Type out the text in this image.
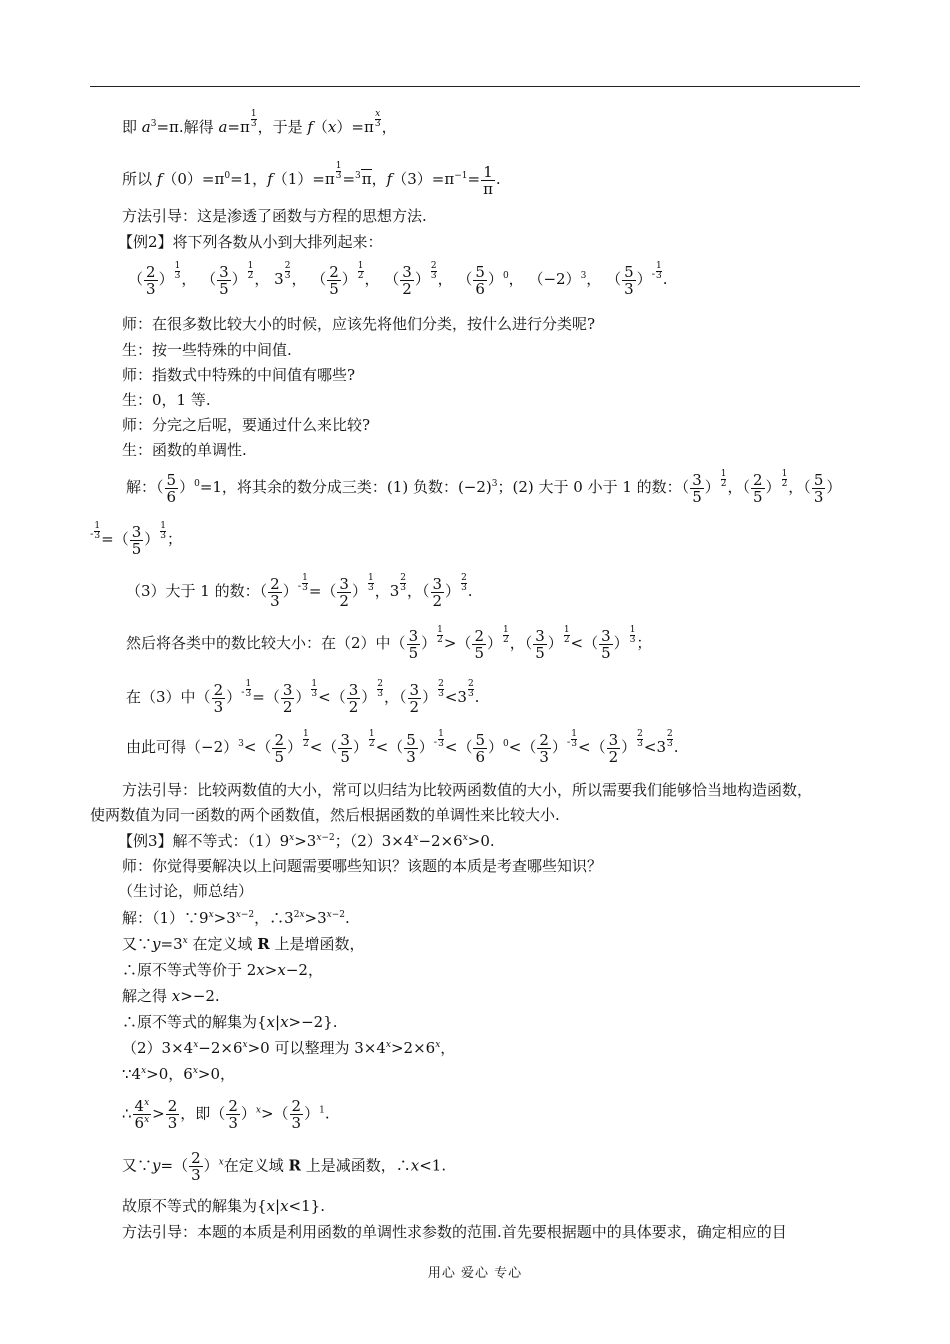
即 $a^3=\pi$.解得 $a=\pi \frac{1}{3}$ ，于是 $f(x)=\pi \frac{x}{3}$ ，
所以 $f(0)=\pi^0=1$，$f(1)=\pi \frac{1}{3} =^3\pi$，$f(3)=\pi^{-1}= \frac{1}{\pi}$ .
方法引导：这是渗透了函数与方程的思想方法.
【例2】将下列各数从小到大排列起来：
（ $\frac{2}{3}$ ） $\frac{1}{3}$ ， （ $\frac{3}{5}$ ） $\frac{1}{2}$ ， $3 \frac{2}{3}$ ， （ $\frac{2}{5}$ ） $\frac{1}{2}$ ， （ $\frac{3}{2}$ ） $\frac{2}{3}$ ， （ $\frac{5}{6} )^0$， $(-2)^3$， （ $\frac{5}{3} )^- \frac{1}{3}$ .
师：在很多数比较大小的时候，应该先将他们分类，按什么进行分类呢?
生：按一些特殊的中间值.
师：指数式中特殊的中间值有哪些?
生：0，1 等.
师：分完之后呢，要通过什么来比较?
生：函数的单调性.
解：（ $\frac{5}{6} )^0=1$，将其余的数分成三类：(1) 负数：$(-2)^3$；(2) 大于 0 小于 1 的数：（ $\frac{3}{5}$ ） $\frac{1}{2}$ ，（ $\frac{2}{5}$ ） $\frac{1}{2}$ ，（ $\frac{5}{3}$ ）
$^- \frac{1}{3}$ =（ $\frac{3}{5}$ ） $\frac{1}{3}$ ；
（3）大于 1 的数：（ $\frac{2}{3} )^- \frac{1}{3}$ =（ $\frac{3}{2}$ ） $\frac{1}{3}$ ，$3 \frac{2}{3}$ ，（ $\frac{3}{2}$ ） $\frac{2}{3}$ .
然后将各类中的数比较大小：在（2）中（ $\frac{3}{5}$ ） $\frac{1}{2}$ >（ $\frac{2}{5}$ ） $\frac{1}{2}$ ，（ $\frac{3}{5}$ ） $\frac{1}{2}$ <（ $\frac{3}{5}$ ） $\frac{1}{3}$ ；
在（3）中（ $\frac{2}{3} )^- \frac{1}{3}$ =（ $\frac{3}{2}$ ） $\frac{1}{3}$ <（ $\frac{3}{2}$ ） $\frac{2}{3}$ ，（ $\frac{3}{2}$ ） $\frac{2}{3} <3 \frac{2}{3}$ .
由此可得$(-2)^3<( \frac{2}{5}$ ） $\frac{1}{2}$ <（ $\frac{3}{5}$ ） $\frac{1}{2}$ <（ $\frac{5}{3} )^- \frac{1}{3}$ <（ $\frac{5}{6} )^0<( \frac{2}{3} )^- \frac{1}{3}$ <（ $\frac{3}{2}$ ） $\frac{2}{3} <3 \frac{2}{3}$ .
方法引导：比较两数值的大小，常可以归结为比较两函数值的大小，所以需要我们能够恰当地构造函数，
使两数值为同一函数的两个函数值，然后根据函数的单调性来比较大小.
【例3】解不等式：$(1)9^x>3^{x-2}$；$(2)3\times 4^x-2\times 6^x>0$.
师：你觉得要解决以上问题需要哪些知识？该题的本质是考查哪些知识？
（生讨论，师总结）
解：$(1)\because 9^x>3^{x-2}$，$\therefore 3^{2x}>3^{x-2}$.
又$\because y=3^x$ 在定义域 R 上是增函数，
∴原不等式等价于 2x>x−2，
解之得 x>−2.
∴原不等式的解集为{x|x>−2}.
$(2)3\times 4^x-2\times 6^x>0$ 可以整理为 $3\times 4^x>2\times 6^x$，
$\because 4^x>0$，$6^x>0$，
∴ $\frac{4^x}{6^x} > \frac{2}{3}$ ，即（ $\frac{2}{3} )^x>( \frac{2}{3} )^1$.
又∵y=（ $\frac{2}{3} )^x$在定义域 R 上是减函数，∴x<1.
故原不等式的解集为{x|x<1}.
方法引导：本题的本质是利用函数的单调性求参数的范围.首先要根据题中的具体要求，确定相应的目
用心 爱心 专心
